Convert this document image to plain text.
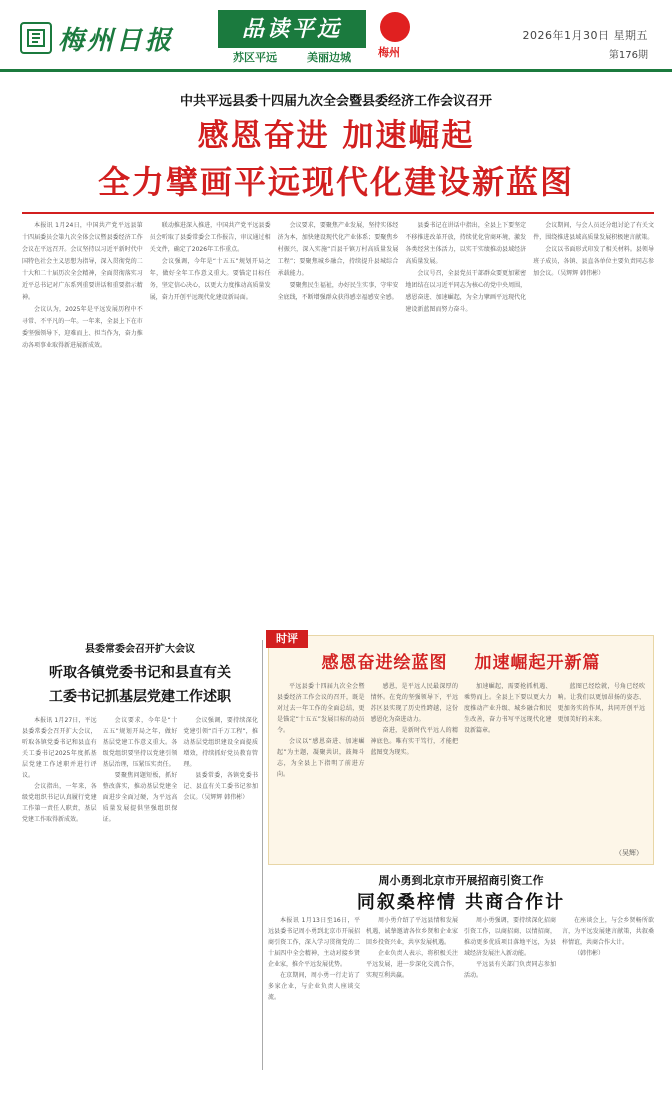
梅州日报	品读平远
苏区平远	美丽边城 梅州
2026年1月30日 星期五
第176期
中共平远县委十四届九次全会暨县委经济工作会议召开
感恩奋进 加速崛起
全力擘画平远现代化建设新蓝图

本报讯 1月24日，中国共产党平远县第十四届委员会第九次全体会议暨县委经济工作会议在平远召开。会议坚持以习近平新时代中国特色社会主义思想为指导，深入贯彻党的二十大和二十届历次全会精神，全面贯彻落实习近平总书记对广东系列重要讲话和重要指示精神。

会议认为，2025年是平远发展历程中不寻常、不平凡的一年。一年来，全县上下在市委坚强领导下，迎难而上、担当作为，奋力推动各项事业取得新进展新成效。

联动推进深入推进，中国共产党平远县委员会听取了县委常委会工作报告，审议通过相关文件，确定了2026年工作重点。

会议强调，今年是“十五五”规划开局之年，做好全年工作意义重大。要锚定目标任务，坚定信心决心，以更大力度推动高质量发展，奋力开创平远现代化建设新局面。

会议要求，要聚焦产业发展，坚持实体经济为本，加快建设现代化产业体系；要聚焦乡村振兴，深入实施“百县千镇万村高质量发展工程”；要聚焦城乡融合，持续提升县城综合承载能力。

要聚焦民生福祉，办好民生实事，守牢安全底线，不断增强群众获得感幸福感安全感。

县委书记在讲话中指出，全县上下要坚定不移推进改革开放，持续优化营商环境，激发各类经营主体活力，以实干实绩推动县域经济高质量发展。

会议号召，全县党员干部群众要更加紧密地团结在以习近平同志为核心的党中央周围，感恩奋进、加速崛起，为全力擘画平远现代化建设新蓝图而努力奋斗。

会议期间，与会人员还分组讨论了有关文件，围绕推进县域高质量发展积极建言献策。

会议以书面形式印发了相关材料。县领导班子成员，各镇、县直各单位主要负责同志参加会议。（吴辉辉 韩伟彬）

县委常委会召开扩大会议
听取各镇党委书记和县直有关
工委书记抓基层党建工作述职

本报讯 1月27日，平远县委常委会召开扩大会议，听取各镇党委书记和县直有关工委书记2025年度抓基层党建工作述职并进行评议。

会议指出，一年来，各级党组织书记认真履行党建工作第一责任人职责，基层党建工作取得新成效。

会议要求，今年是“十五五”规划开局之年，做好基层党建工作意义重大。各级党组织要坚持以党建引领基层治理，压紧压实责任。

要聚焦问题短板，抓好整改落实，推动基层党建全面进步全面过硬，为平远高质量发展提供坚强组织保证。

会议强调，要持续深化党建引领“百千万工程”，推动基层党组织建设全面提质增效，持续抓好党员教育管理。

县委常委，各镇党委书记、县直有关工委书记参加会议。（吴辉辉 韩伟彬）

感恩奋进绘蓝图 加速崛起开新篇

平远县委十四届九次全会暨县委经济工作会议的召开，既是对过去一年工作的全面总结，更是锚定“十五五”发展目标的动员令。

会议以“感恩奋进、加速崛起”为主题，凝聚共识，鼓舞斗志，为全县上下指明了前进方向。

感恩，是平远人民最深厚的情怀。在党的坚强领导下，平远苏区县实现了历史性跨越，这份感恩化为奋进动力。

奋进，是新时代平远人的精神底色。唯有实干笃行，才能把蓝图变为现实。

加速崛起，需要抢抓机遇、乘势而上。全县上下要以更大力度推动产业升级、城乡融合和民生改善，奋力书写平远现代化建设新篇章。

蓝图已经绘就，号角已经吹响。让我们以更加昂扬的姿态、更加务实的作风，共同开创平远更加美好的未来。

（吴辉）
时评
周小勇到北京市开展招商引资工作
同叙桑梓情 共商合作计

本报讯 1月13日至16日，平远县委书记周小勇到北京市开展招商引资工作，深入学习贯彻党的二十届四中全会精神，主动对接乡贤企业家，推介平远发展优势。

在京期间，周小勇一行走访了多家企业，与企业负责人座谈交流。

周小勇介绍了平远县情和发展机遇，诚挚邀请各位乡贤和企业家回乡投资兴业，共享发展机遇。

企业负责人表示，将积极关注平远发展，进一步深化交流合作，实现互利共赢。

周小勇强调，要持续深化招商引资工作，以商招商、以情招商，推动更多优质项目落地平远，为县域经济发展注入新动能。

平远县有关部门负责同志参加活动。

在座谈会上，与会乡贤畅所欲言，为平远发展建言献策，共叙桑梓情谊，共商合作大计。

（韩伟彬）
